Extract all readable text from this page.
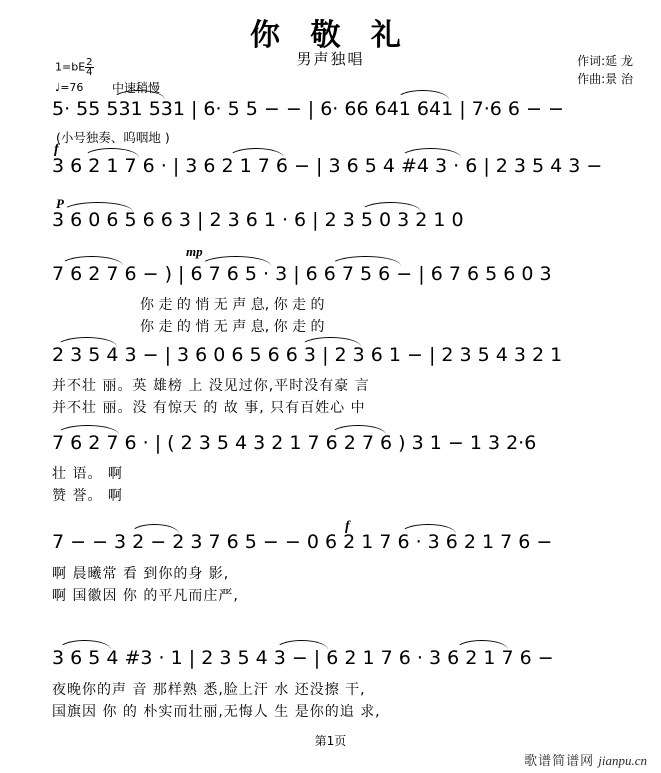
你 敬 礼
男声独唱	作词:延 龙
作曲:景 治
$1=bE \frac{2}{4}$
♩=76	中速稍慢
5· 55 531 531 | 6· 5 5 − − | 6· 66 641 641 | 7·6 6 − −
(小号独奏、呜咽地 )
f
3 6 2 1 7 6 · | 3 6 2 1 7 6 − | 3 6 5 4 #4 3 · 6 | 2 3 5 4 3 −
P
3 6 0 6 5 6 6 3 | 2 3 6 1 · 6 | 2 3 5 0 3 2 1 0
mp
7 6 2 7 6 − ) | 6 7 6 5 · 3 | 6 6 7 5 6 − | 6 7 6 5 6 0 3
你 走 的 悄 无 声 息, 你 走 的
你 走 的 悄 无 声 息, 你 走 的
2 3 5 4 3 − | 3 6 0 6 5 6 6 3 | 2 3 6 1 − | 2 3 5 4 3 2 1
并不壮 丽。英 雄榜 上 没见过你,平时没有豪 言
并不壮 丽。没 有惊天 的 故 事, 只有百姓心 中
7 6 2 7 6 · | ( 2 3 5 4 3 2 1 7 6 2 7 6 ) 3 1 − 1 3 2·6
壮 语。 啊
赞 誉。 啊
f
7 − − 3 2 − 2 3 7 6 5 − − 0 6 2 1 7 6 · 3 6 2 1 7 6 −
啊 晨曦常 看 到你的身 影,
啊 国徽因 你 的平凡而庄严,
3 6 5 4 #3 · 1 | 2 3 5 4 3 − | 6 2 1 7 6 · 3 6 2 1 7 6 −
夜晚你的声 音 那样熟 悉,脸上汗 水 还没擦 干,
国旗因 你 的 朴实而壮丽,无悔人 生 是你的追 求,
第1页
歌谱简谱网 jianpu.cn
